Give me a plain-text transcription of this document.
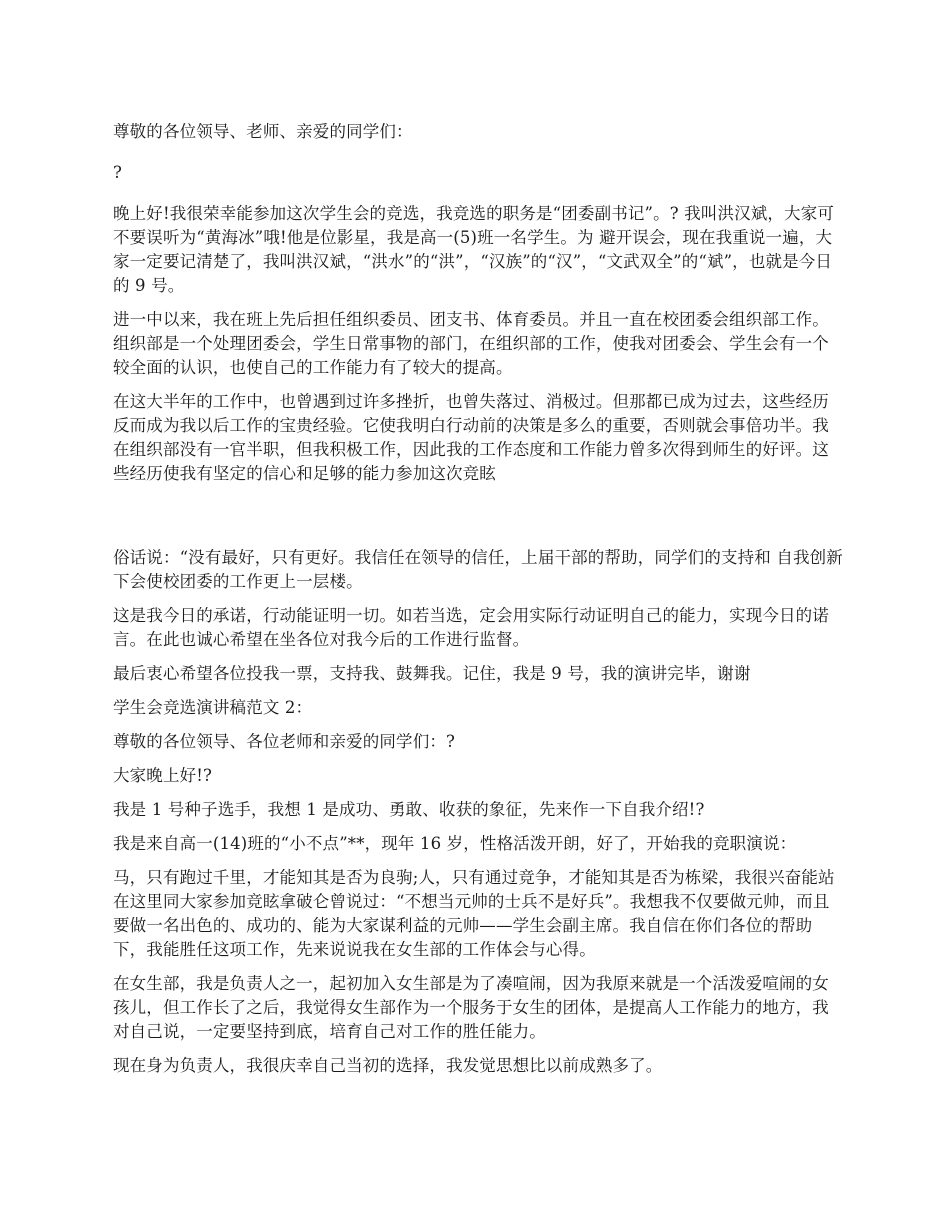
尊敬的各位领导、老师、亲爱的同学们：

?

晚上好!我很荣幸能参加这次学生会的竞选，我竞选的职务是“团委副书记”。? 我叫洪汉斌，大家可不要误听为“黄海冰”哦!他是位影星，我是高一(5)班一名学生。为 避开误会，现在我重说一遍，大家一定要记清楚了，我叫洪汉斌，“洪水”的“洪”，“汉族”的“汉”，“文武双全”的“斌”，也就是今日的 9 号。

进一中以来，我在班上先后担任组织委员、团支书、体育委员。并且一直在校团委会组织部工作。组织部是一个处理团委会，学生日常事物的部门，在组织部的工作，使我对团委会、学生会有一个较全面的认识，也使自己的工作能力有了较大的提高。

在这大半年的工作中，也曾遇到过许多挫折，也曾失落过、消极过。但那都已成为过去，这些经历反而成为我以后工作的宝贵经验。它使我明白行动前的决策是多么的重要，否则就会事倍功半。我在组织部没有一官半职，但我积极工作，因此我的工作态度和工作能力曾多次得到师生的好评。这些经历使我有坚定的信心和足够的能力参加这次竞眩

俗话说：“没有最好，只有更好。我信任在领导的信任，上届干部的帮助，同学们的支持和 自我创新下会使校团委的工作更上一层楼。

这是我今日的承诺，行动能证明一切。如若当选，定会用实际行动证明自己的能力，实现今日的诺言。在此也诚心希望在坐各位对我今后的工作进行监督。

最后衷心希望各位投我一票，支持我、鼓舞我。记住，我是 9 号，我的演讲完毕，谢谢

学生会竞选演讲稿范文 2：

尊敬的各位领导、各位老师和亲爱的同学们：?

大家晚上好!?

我是 1 号种子选手，我想 1 是成功、勇敢、收获的象征，先来作一下自我介绍!?

我是来自高一(14)班的“小不点”**，现年 16 岁，性格活泼开朗，好了，开始我的竞职演说：

马，只有跑过千里，才能知其是否为良驹;人，只有通过竞争，才能知其是否为栋梁，我很兴奋能站在这里同大家参加竞眩拿破仑曾说过：“不想当元帅的士兵不是好兵”。我想我不仅要做元帅，而且要做一名出色的、成功的、能为大家谋利益的元帅——学生会副主席。我自信在你们各位的帮助下，我能胜任这项工作，先来说说我在女生部的工作体会与心得。

在女生部，我是负责人之一，起初加入女生部是为了凑喧闹，因为我原来就是一个活泼爱喧闹的女孩儿，但工作长了之后，我觉得女生部作为一个服务于女生的团体，是提高人工作能力的地方，我对自己说，一定要坚持到底，培育自己对工作的胜任能力。

现在身为负责人，我很庆幸自己当初的选择，我发觉思想比以前成熟多了。
